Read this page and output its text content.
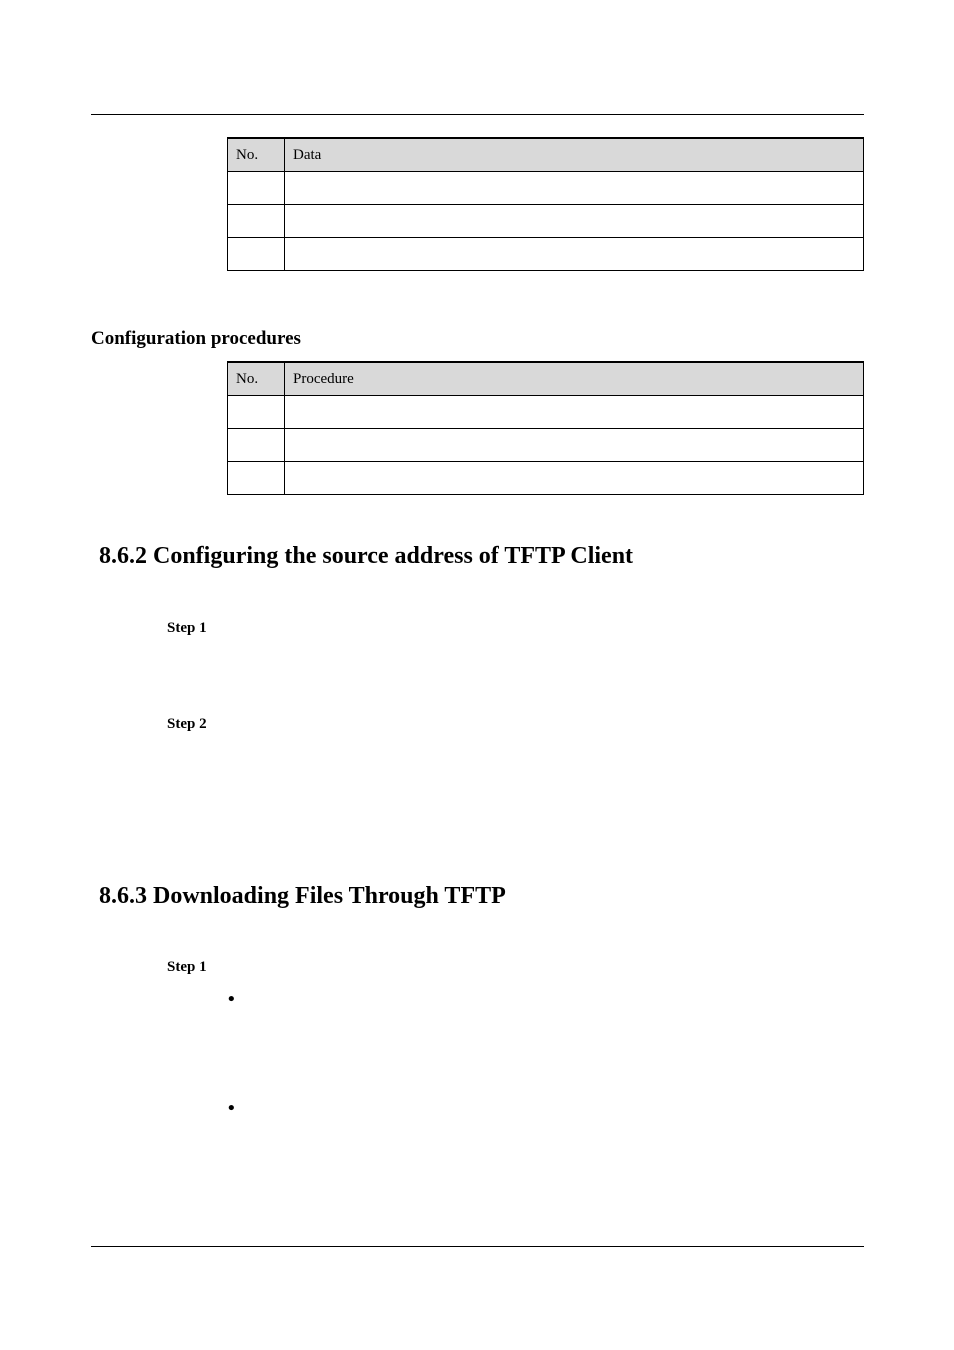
No.	Data

Configuration procedures
No.	Procedure

8.6.2 Configuring the source address of TFTP Client

Step 1

Step 2

8.6.3 Downloading Files Through TFTP

Step 1

•
•
